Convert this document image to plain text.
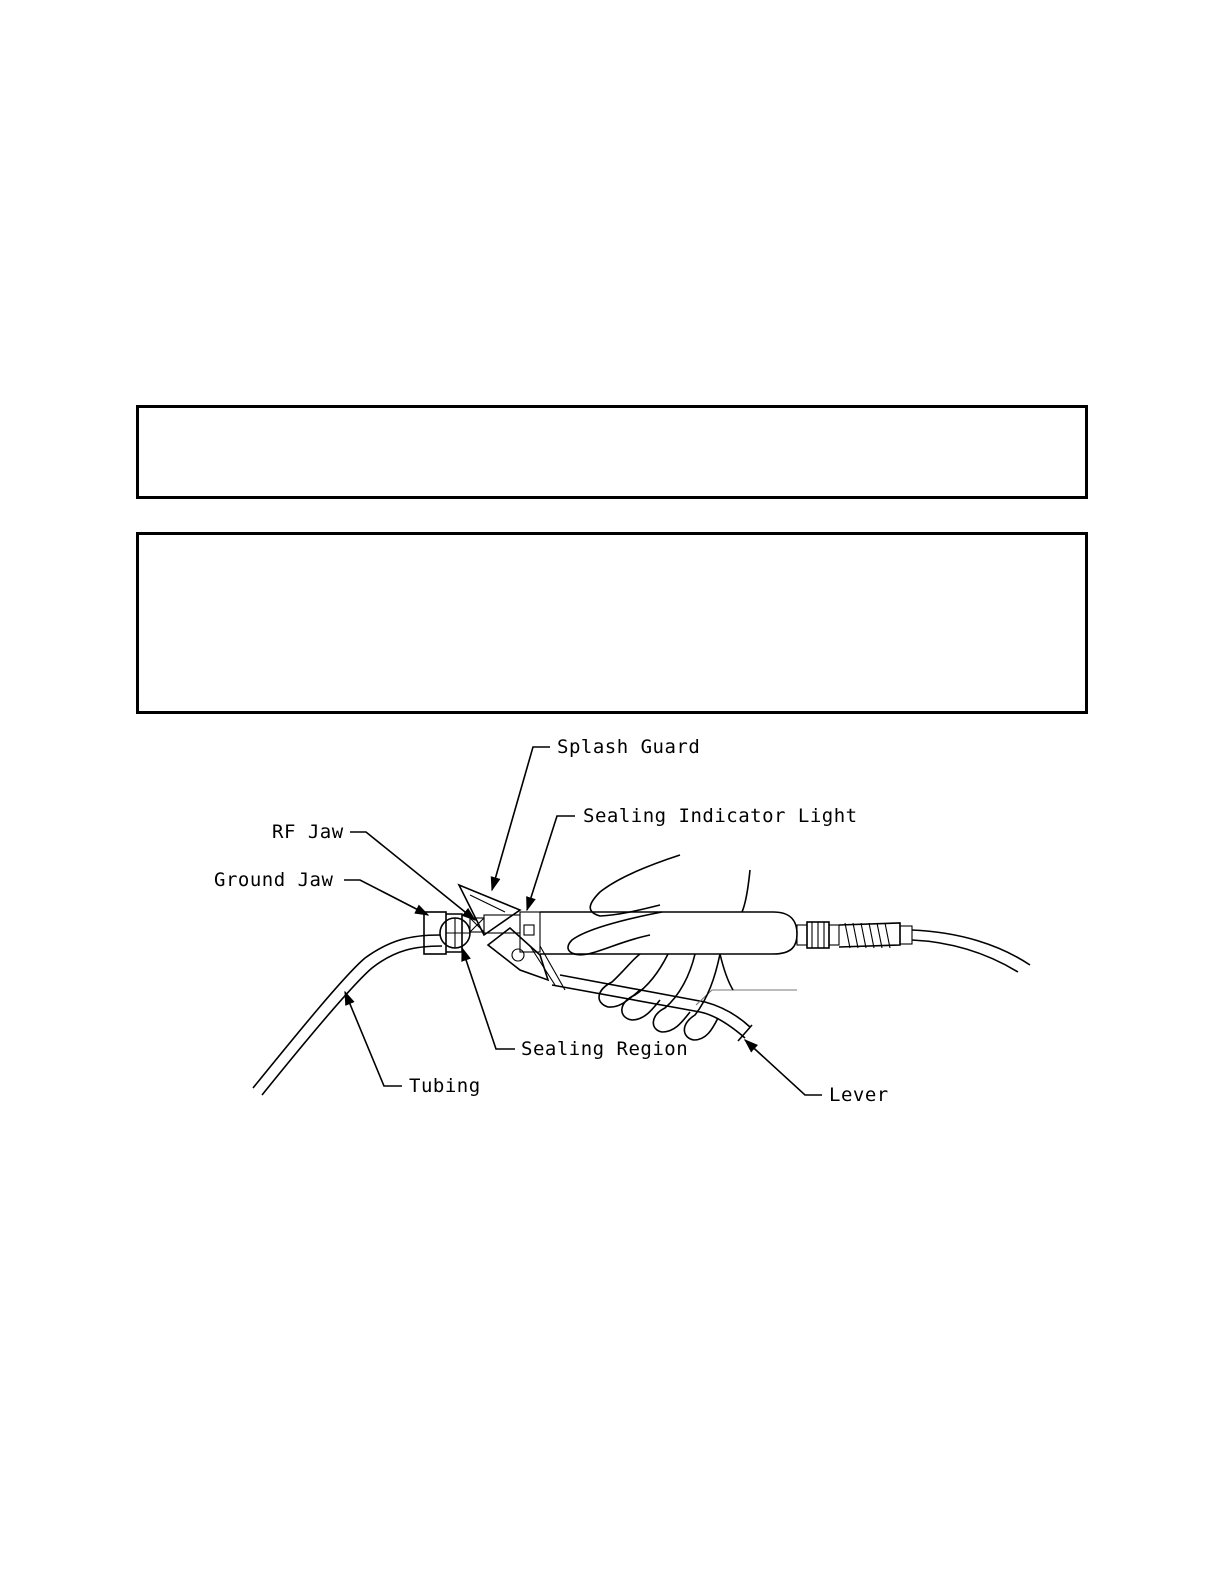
Splash Guard
Sealing Indicator Light
RF Jaw
Ground Jaw
Sealing Region
Tubing	Lever
